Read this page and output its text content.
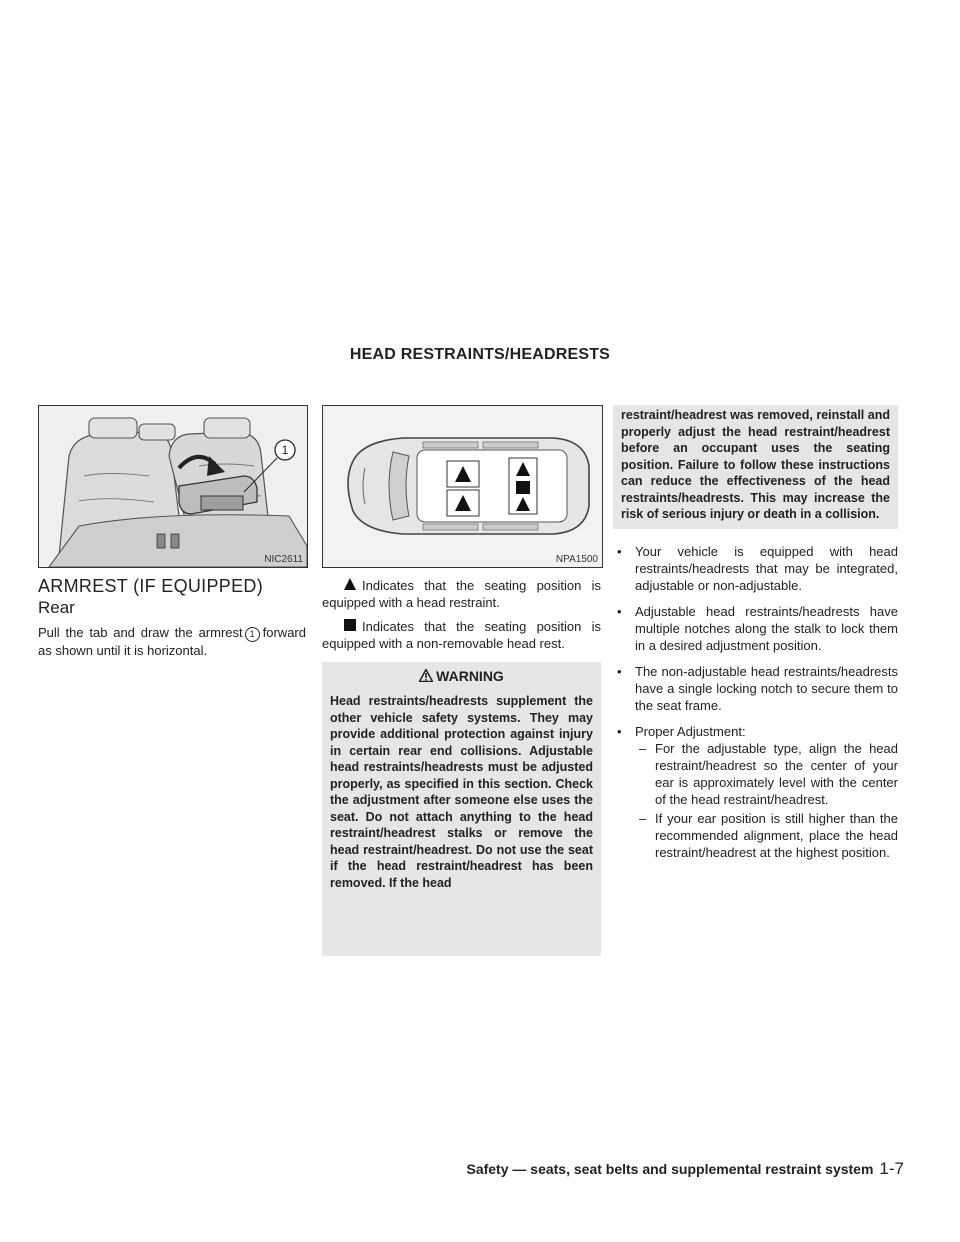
HEAD RESTRAINTS/HEADRESTS
1
NIC2611	NPA1500
ARMREST (IF EQUIPPED)
Rear

Pull the tab and draw the armrest 1 forward as shown until it is horizontal.

Indicates that the seating position is equipped with a head restraint.

Indicates that the seating position is equipped with a non-removable head rest.

WARNING

Head restraints/headrests supplement the other vehicle safety systems. They may provide additional protection against injury in certain rear end collisions. Adjustable head restraints/headrests must be adjusted properly, as specified in this section. Check the adjustment after someone else uses the seat. Do not attach anything to the head restraint/headrest stalks or remove the head restraint/headrest. Do not use the seat if the head restraint/headrest has been removed. If the head

restraint/headrest was removed, reinstall and properly adjust the head restraint/headrest before an occupant uses the seating position. Failure to follow these instructions can reduce the effectiveness of the head restraints/headrests. This may increase the risk of serious injury or death in a collision.

• Your vehicle is equipped with head restraints/headrests that may be integrated, adjustable or non-adjustable.
• Adjustable head restraints/headrests have multiple notches along the stalk to lock them in a desired adjustment position.
• The non-adjustable head restraints/headrests have a single locking notch to secure them to the seat frame.
• Proper Adjustment:
– For the adjustable type, align the head restraint/headrest so the center of your ear is approximately level with the center of the head restraint/headrest.
– If your ear position is still higher than the recommended alignment, place the head restraint/headrest at the highest position.
Safety — seats, seat belts and supplemental restraint system 1-7
